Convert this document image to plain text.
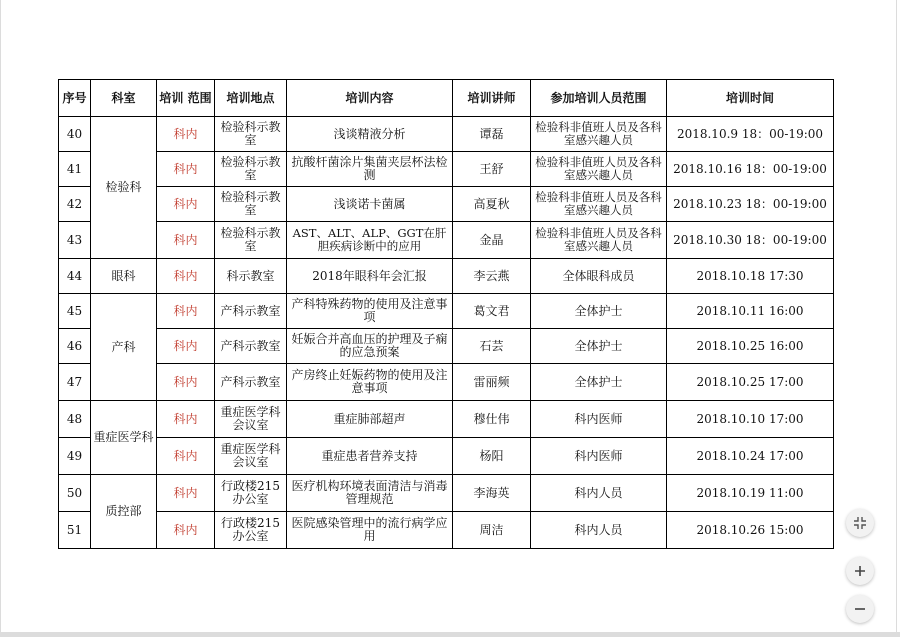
序号	科室	培训 范围	培训地点	培训内容	培训讲师	参加培训人员范围	培训时间
40	检验科	科内	检验科示教室	浅谈精液分析	谭磊	检验科非值班人员及各科室感兴趣人员	2018.10.9 18：00-19:00
41		科内	检验科示教室	抗酸杆菌涂片集菌夹层杯法检测	王舒	检验科非值班人员及各科室感兴趣人员	2018.10.16 18：00-19:00
42		科内	检验科示教室	浅谈诺卡菌属	高夏秋	检验科非值班人员及各科室感兴趣人员	2018.10.23 18：00-19:00
43		科内	检验科示教室	AST、ALT、ALP、GGT在肝胆疾病诊断中的应用	金晶	检验科非值班人员及各科室感兴趣人员	2018.10.30 18：00-19:00
44	眼科	科内	科示教室	2018年眼科年会汇报	李云燕	全体眼科成员	2018.10.18 17:30
45	产科	科内	产科示教室	产科特殊药物的使用及注意事项	葛文君	全体护士	2018.10.11 16:00
46		科内	产科示教室	妊娠合并高血压的护理及子痫的应急预案	石芸	全体护士	2018.10.25 16:00
47		科内	产科示教室	产房终止妊娠药物的使用及注意事项	雷丽频	全体护士	2018.10.25 17:00
48	重症医学科	科内	重症医学科会议室	重症肺部超声	穆仕伟	科内医师	2018.10.10 17:00
49		科内	重症医学科会议室	重症患者营养支持	杨阳	科内医师	2018.10.24 17:00
50	质控部	科内	行政楼215办公室	医疗机构环境表面清洁与消毒管理规范	李海英	科内人员	2018.10.19 11:00
51		科内	行政楼215办公室	医院感染管理中的流行病学应用	周洁	科内人员	2018.10.26 15:00
